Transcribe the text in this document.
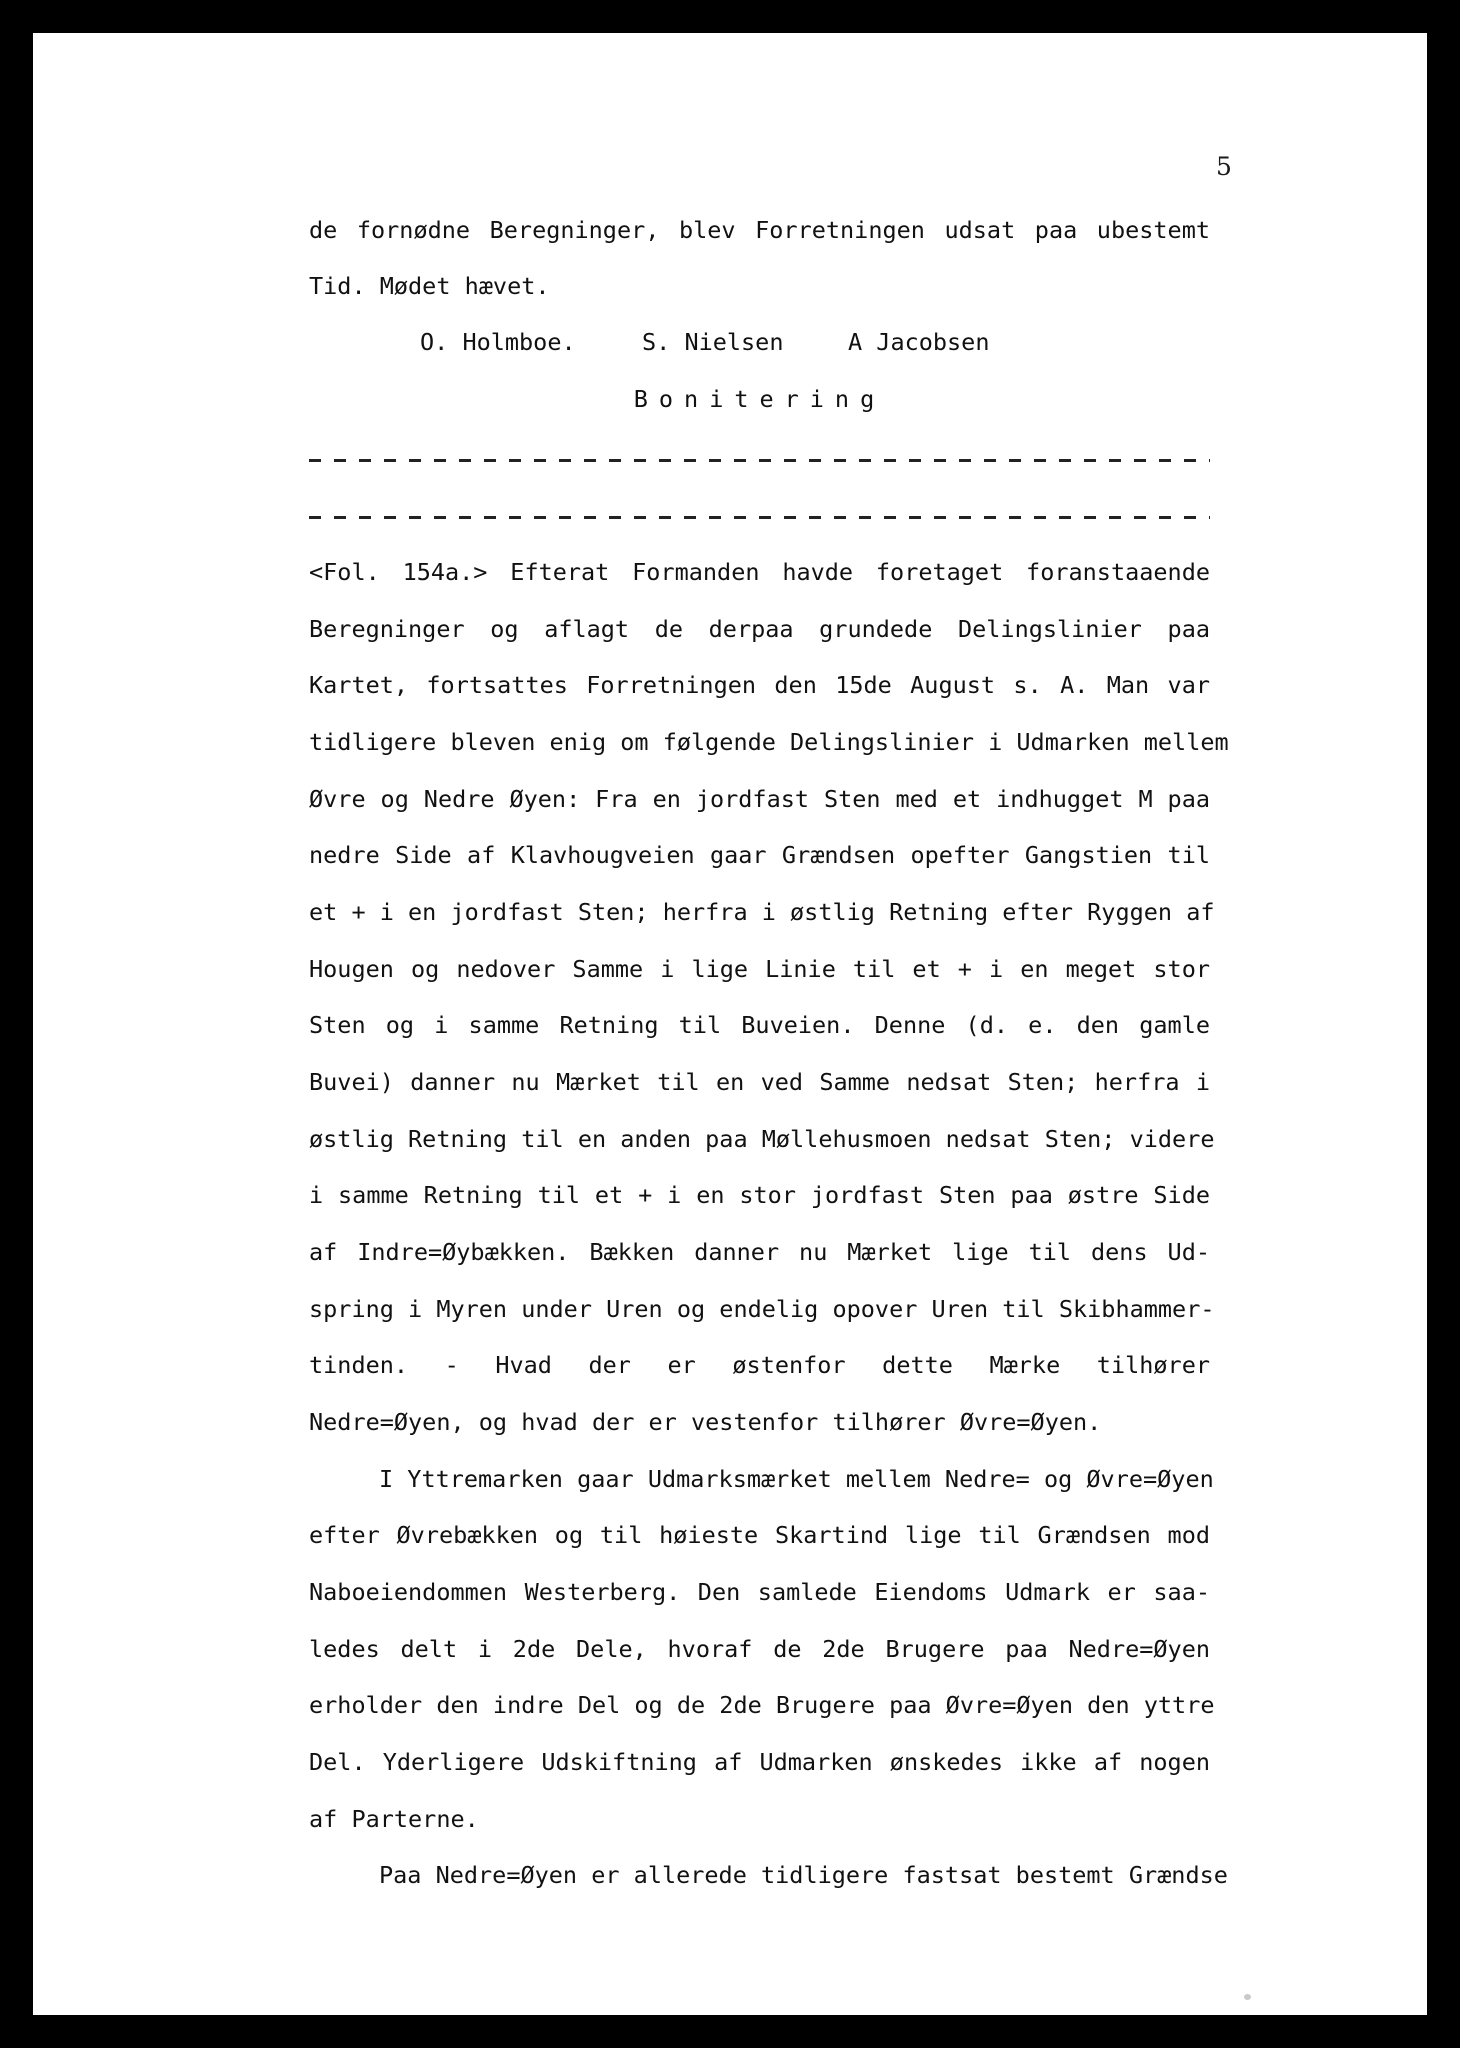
5
de fornødne Beregninger, blev Forretningen udsat paa ubestemt
Tid. Mødet hævet.
O. Holmboe.	S. Nielsen	A Jacobsen
Bonitering
<Fol. 154a.> Efterat Formanden havde foretaget foranstaaende
Beregninger og aflagt de derpaa grundede Delingslinier paa
Kartet, fortsattes Forretningen den 15de August s. A. Man var
tidligere bleven enig om følgende Delingslinier i Udmarken mellem
Øvre og Nedre Øyen: Fra en jordfast Sten med et indhugget M paa
nedre Side af Klavhougveien gaar Grændsen opefter Gangstien til
et + i en jordfast Sten; herfra i østlig Retning efter Ryggen af
Hougen og nedover Samme i lige Linie til et + i en meget stor
Sten og i samme Retning til Buveien. Denne (d. e. den gamle
Buvei) danner nu Mærket til en ved Samme nedsat Sten; herfra i
østlig Retning til en anden paa Møllehusmoen nedsat Sten; videre
i samme Retning til et + i en stor jordfast Sten paa østre Side
af Indre=Øybækken. Bækken danner nu Mærket lige til dens Ud-
spring i Myren under Uren og endelig opover Uren til Skibhammer-
tinden. - Hvad der er østenfor dette Mærke tilhører
Nedre=Øyen, og hvad der er vestenfor tilhører Øvre=Øyen.
I Yttremarken gaar Udmarksmærket mellem Nedre= og Øvre=Øyen
efter Øvrebækken og til høieste Skartind lige til Grændsen mod
Naboeiendommen Westerberg. Den samlede Eiendoms Udmark er saa-
ledes delt i 2de Dele, hvoraf de 2de Brugere paa Nedre=Øyen
erholder den indre Del og de 2de Brugere paa Øvre=Øyen den yttre
Del. Yderligere Udskiftning af Udmarken ønskedes ikke af nogen
af Parterne.
Paa Nedre=Øyen er allerede tidligere fastsat bestemt Grændse
